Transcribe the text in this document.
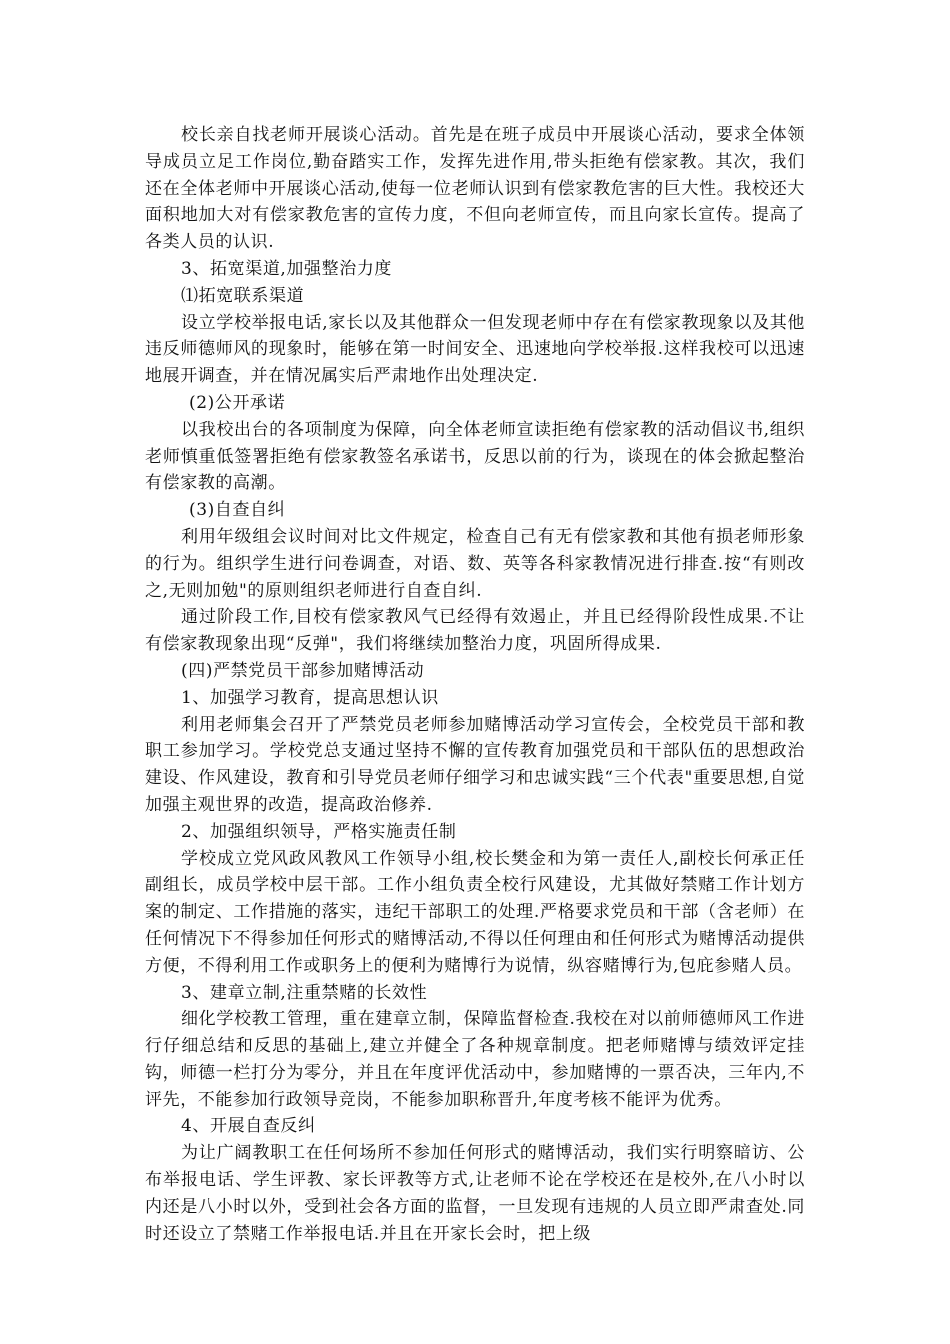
校长亲自找老师开展谈心活动。首先是在班子成员中开展谈心活动，要求全体领导成员立足工作岗位,勤奋踏实工作，发挥先进作用,带头拒绝有偿家教。其次，我们还在全体老师中开展谈心活动,使每一位老师认识到有偿家教危害的巨大性。我校还大面积地加大对有偿家教危害的宣传力度，不但向老师宣传，而且向家长宣传。提高了各类人员的认识.

3、拓宽渠道,加强整治力度

⑴拓宽联系渠道

设立学校举报电话,家长以及其他群众一但发现老师中存在有偿家教现象以及其他违反师德师风的现象时，能够在第一时间安全、迅速地向学校举报.这样我校可以迅速地展开调查，并在情况属实后严肃地作出处理决定.

(2)公开承诺

以我校出台的各项制度为保障，向全体老师宣读拒绝有偿家教的活动倡议书,组织老师慎重低签署拒绝有偿家教签名承诺书，反思以前的行为，谈现在的体会掀起整治有偿家教的高潮。

(3)自查自纠

利用年级组会议时间对比文件规定，检查自己有无有偿家教和其他有损老师形象的行为。组织学生进行问卷调查，对语、数、英等各科家教情况进行排查.按“有则改之,无则加勉"的原则组织老师进行自查自纠.

通过阶段工作,目校有偿家教风气已经得有效遏止，并且已经得阶段性成果.不让有偿家教现象出现“反弹"，我们将继续加整治力度，巩固所得成果.

(四)严禁党员干部参加赌博活动

1、加强学习教育，提高思想认识

利用老师集会召开了严禁党员老师参加赌博活动学习宣传会，全校党员干部和教职工参加学习。学校党总支通过坚持不懈的宣传教育加强党员和干部队伍的思想政治建设、作风建设，教育和引导党员老师仔细学习和忠诚实践“三个代表"重要思想,自觉加强主观世界的改造，提高政治修养.

2、加强组织领导，严格实施责任制

学校成立党风政风教风工作领导小组,校长樊金和为第一责任人,副校长何承正任副组长，成员学校中层干部。工作小组负责全校行风建设，尤其做好禁赌工作计划方案的制定、工作措施的落实，违纪干部职工的处理.严格要求党员和干部（含老师）在任何情况下不得参加任何形式的赌博活动,不得以任何理由和任何形式为赌博活动提供方便，不得利用工作或职务上的便利为赌博行为说情，纵容赌博行为,包庇参赌人员。

3、建章立制,注重禁赌的长效性

细化学校教工管理，重在建章立制，保障监督检查.我校在对以前师德师风工作进行仔细总结和反思的基础上,建立并健全了各种规章制度。把老师赌博与绩效评定挂钩，师德一栏打分为零分，并且在年度评优活动中，参加赌博的一票否决，三年内,不评先，不能参加行政领导竞岗，不能参加职称晋升,年度考核不能评为优秀。

4、开展自查反纠

为让广阔教职工在任何场所不参加任何形式的赌博活动，我们实行明察暗访、公布举报电话、学生评教、家长评教等方式,让老师不论在学校还在是校外,在八小时以内还是八小时以外，受到社会各方面的监督，一旦发现有违规的人员立即严肃查处.同时还设立了禁赌工作举报电话.并且在开家长会时，把上级
